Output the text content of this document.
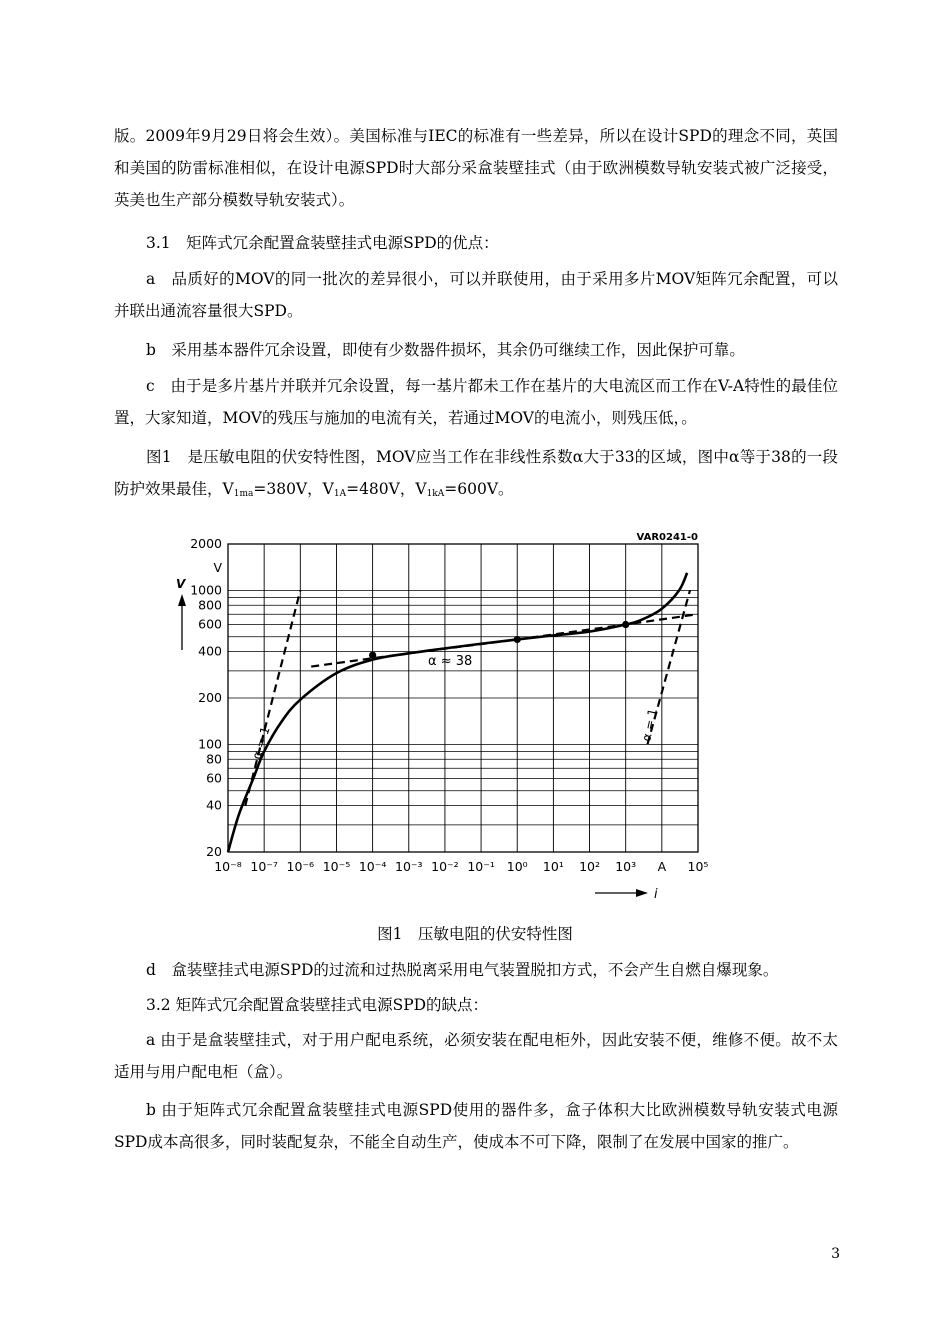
版。2009年9月29日将会生效）。美国标准与IEC的标准有一些差异，所以在设计SPD的理念不同，英国和美国的防雷标准相似，在设计电源SPD时大部分采盒装壁挂式（由于欧洲模数导轨安装式被广泛接受，英美也生产部分模数导轨安装式）。

3.1　矩阵式冗余配置盒装壁挂式电源SPD的优点：

a　品质好的MOV的同一批次的差异很小，可以并联使用，由于采用多片MOV矩阵冗余配置，可以并联出通流容量很大SPD。

b　采用基本器件冗余设置，即使有少数器件损坏，其余仍可继续工作，因此保护可靠。

c　由于是多片基片并联并冗余设置，每一基片都未工作在基片的大电流区而工作在V-A特性的最佳位置，大家知道，MOV的残压与施加的电流有关，若通过MOV的电流小，则残压低，。

图1　是压敏电阻的伏安特性图，MOV应当工作在非线性系数α大于33的区域，图中α等于38的一段防护效果最佳，$V_{1ma}=380V$，$V_{1A}=480V$，$V_{1kA}=600V$。

2000
V
1000
800
600
400
200
100
80
60
40
20
10⁻⁸ 10⁻⁷ 10⁻⁶ 10⁻⁵ 10⁻⁴ 10⁻³ 10⁻² 10⁻¹ 10⁰ 10¹ 10² 10³ A 10⁵
VAR0241-0
α ≈ 38
α = 1
α = 1
V
i
图1　压敏电阻的伏安特性图

d　盒装壁挂式电源SPD的过流和过热脱离采用电气装置脱扣方式，不会产生自燃自爆现象。

3.2 矩阵式冗余配置盒装壁挂式电源SPD的缺点：

a 由于是盒装壁挂式，对于用户配电系统，必须安装在配电柜外，因此安装不便，维修不便。故不太适用与用户配电柜（盒）。

b 由于矩阵式冗余配置盒装壁挂式电源SPD使用的器件多，盒子体积大比欧洲模数导轨安装式电源SPD成本高很多，同时装配复杂，不能全自动生产，使成本不可下降，限制了在发展中国家的推广。

3
